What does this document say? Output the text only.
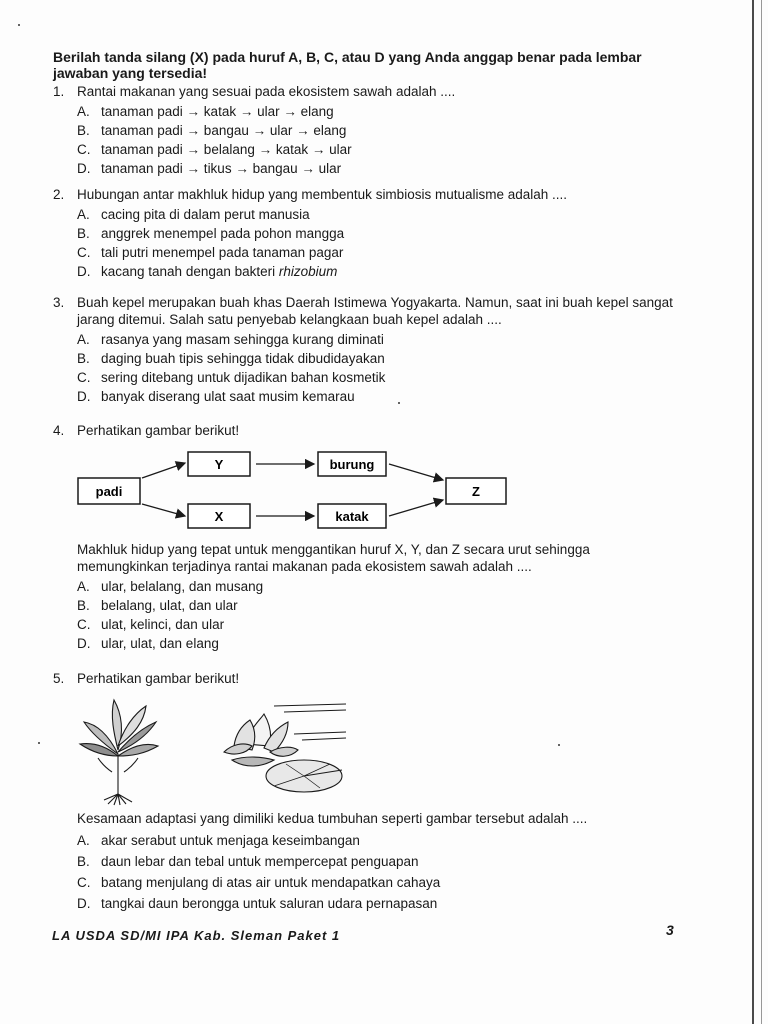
Berilah tanda silang (X) pada huruf A, B, C, atau D yang Anda anggap benar pada lembar jawaban yang tersedia!
1. Rantai makanan yang sesuai pada ekosistem sawah adalah ....
A. tanaman padi → katak → ular → elang
B. tanaman padi → bangau → ular → elang
C. tanaman padi → belalang → katak → ular
D. tanaman padi → tikus → bangau → ular
2. Hubungan antar makhluk hidup yang membentuk simbiosis mutualisme adalah ....
A. cacing pita di dalam perut manusia
B. anggrek menempel pada pohon mangga
C. tali putri menempel pada tanaman pagar
D. kacang tanah dengan bakteri rhizobium
3. Buah kepel merupakan buah khas Daerah Istimewa Yogyakarta. Namun, saat ini buah kepel sangat jarang ditemui. Salah satu penyebab kelangkaan buah kepel adalah ....
A. rasanya yang masam sehingga kurang diminati
B. daging buah tipis sehingga tidak dibudidayakan
C. sering ditebang untuk dijadikan bahan kosmetik
D. banyak diserang ulat saat musim kemarau
4. Perhatikan gambar berikut!
padi
Y
X
burung
katak
Z
Makhluk hidup yang tepat untuk menggantikan huruf X, Y, dan Z secara urut sehingga memungkinkan terjadinya rantai makanan pada ekosistem sawah adalah ....
A. ular, belalang, dan musang
B. belalang, ulat, dan ular
C. ulat, kelinci, dan ular
D. ular, ulat, dan elang
5. Perhatikan gambar berikut!
Kesamaan adaptasi yang dimiliki kedua tumbuhan seperti gambar tersebut adalah ....
A. akar serabut untuk menjaga keseimbangan
B. daun lebar dan tebal untuk mempercepat penguapan
C. batang menjulang di atas air untuk mendapatkan cahaya
D. tangkai daun berongga untuk saluran udara pernapasan
LA USDA SD/MI IPA Kab. Sleman Paket 1	3
